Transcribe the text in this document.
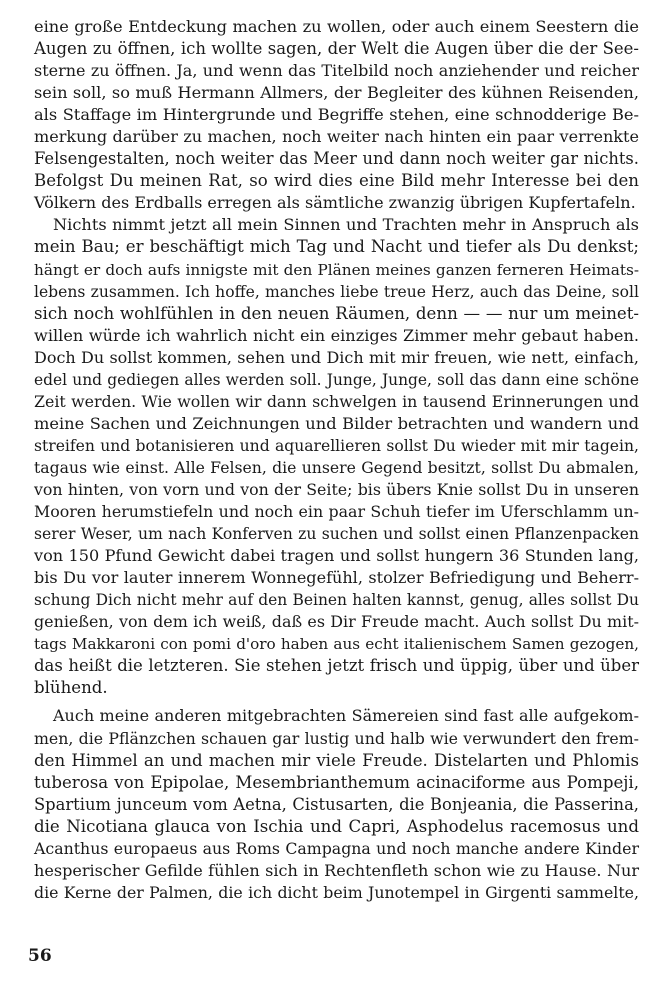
eine große Entdeckung machen zu wollen, oder auch einem Seestern die
Augen zu öffnen, ich wollte sagen, der Welt die Augen über die der See-
sterne zu öffnen. Ja, und wenn das Titelbild noch anziehender und reicher
sein soll, so muß Hermann Allmers, der Begleiter des kühnen Reisenden,
als Staffage im Hintergrunde und Begriffe stehen, eine schnodderige Be-
merkung darüber zu machen, noch weiter nach hinten ein paar verrenkte
Felsengestalten, noch weiter das Meer und dann noch weiter gar nichts.
Befolgst Du meinen Rat, so wird dies eine Bild mehr Interesse bei den
Völkern des Erdballs erregen als sämtliche zwanzig übrigen Kupfertafeln.
Nichts nimmt jetzt all mein Sinnen und Trachten mehr in Anspruch als
mein Bau; er beschäftigt mich Tag und Nacht und tiefer als Du denkst;
hängt er doch aufs innigste mit den Plänen meines ganzen ferneren Heimats-
lebens zusammen. Ich hoffe, manches liebe treue Herz, auch das Deine, soll
sich noch wohlfühlen in den neuen Räumen, denn — — nur um meinet-
willen würde ich wahrlich nicht ein einziges Zimmer mehr gebaut haben.
Doch Du sollst kommen, sehen und Dich mit mir freuen, wie nett, einfach,
edel und gediegen alles werden soll. Junge, Junge, soll das dann eine schöne
Zeit werden. Wie wollen wir dann schwelgen in tausend Erinnerungen und
meine Sachen und Zeichnungen und Bilder betrachten und wandern und
streifen und botanisieren und aquarellieren sollst Du wieder mit mir tagein,
tagaus wie einst. Alle Felsen, die unsere Gegend besitzt, sollst Du abmalen,
von hinten, von vorn und von der Seite; bis übers Knie sollst Du in unseren
Mooren herumstiefeln und noch ein paar Schuh tiefer im Uferschlamm un-
serer Weser, um nach Konferven zu suchen und sollst einen Pflanzenpacken
von 150 Pfund Gewicht dabei tragen und sollst hungern 36 Stunden lang,
bis Du vor lauter innerem Wonnegefühl, stolzer Befriedigung und Beherr-
schung Dich nicht mehr auf den Beinen halten kannst, genug, alles sollst Du
genießen, von dem ich weiß, daß es Dir Freude macht. Auch sollst Du mit-
tags Makkaroni con pomi d'oro haben aus echt italienischem Samen gezogen,
das heißt die letzteren. Sie stehen jetzt frisch und üppig, über und über
blühend.
Auch meine anderen mitgebrachten Sämereien sind fast alle aufgekom-
men, die Pflänzchen schauen gar lustig und halb wie verwundert den frem-
den Himmel an und machen mir viele Freude. Distelarten und Phlomis
tuberosa von Epipolae, Mesembrianthemum acinaciforme aus Pompeji,
Spartium junceum vom Aetna, Cistusarten, die Bonjeania, die Passerina,
die Nicotiana glauca von Ischia und Capri, Asphodelus racemosus und
Acanthus europaeus aus Roms Campagna und noch manche andere Kinder
hesperischer Gefilde fühlen sich in Rechtenfleth schon wie zu Hause. Nur
die Kerne der Palmen, die ich dicht beim Junotempel in Girgenti sammelte,
56
